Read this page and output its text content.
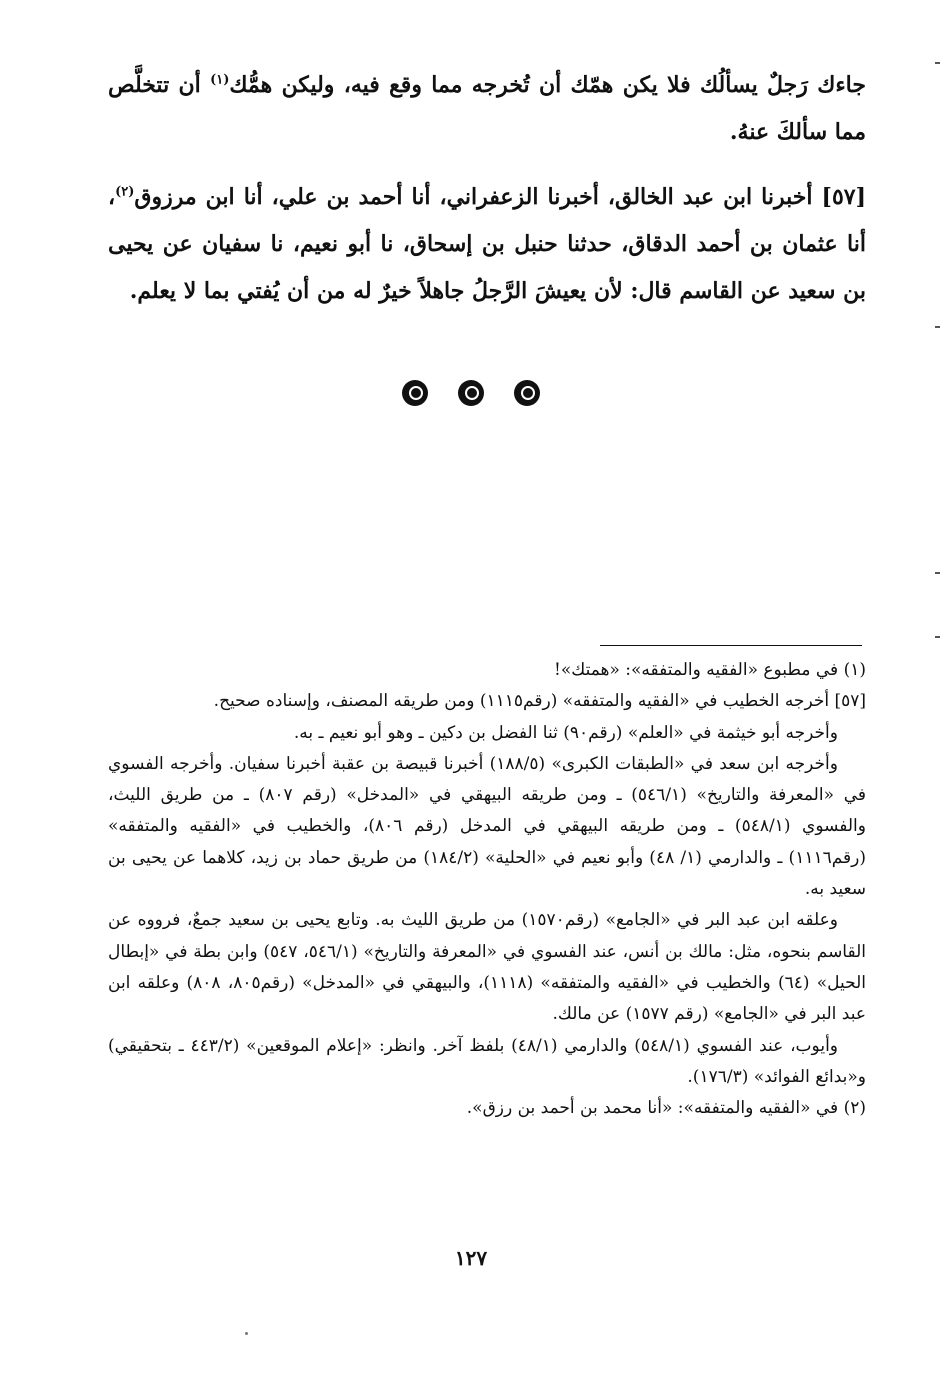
جاءك رَجلٌ يسألُك فلا يكن همّك أن تُخرجه مما وقع فيه، وليكن همُّك$^{(١)}$ أن تتخلَّص مما سألكَ عنهُ.

[٥٧] أخبرنا ابن عبد الخالق، أخبرنا الزعفراني، أنا أحمد بن علي، أنا ابن مرزوق$^{(٢)}$، أنا عثمان بن أحمد الدقاق، حدثنا حنبل بن إسحاق، نا أبو نعيم، نا سفيان عن يحيى بن سعيد عن القاسم قال: لأن يعيشَ الرَّجلُ جاهلاً خيرٌ له من أن يُفتي بما لا يعلم.

(١) في مطبوع «الفقيه والمتفقه»: «همتك»!

[٥٧] أخرجه الخطيب في «الفقيه والمتفقه» (رقم١١١٥) ومن طريقه المصنف، وإسناده صحيح.

وأخرجه أبو خيثمة في «العلم» (رقم٩٠) ثنا الفضل بن دكين ـ وهو أبو نعيم ـ به.

وأخرجه ابن سعد في «الطبقات الكبرى» (١٨٨/٥) أخبرنا قبيصة بن عقبة أخبرنا سفيان. وأخرجه الفسوي في «المعرفة والتاريخ» (٥٤٦/١) ـ ومن طريقه البيهقي في «المدخل» (رقم ٨٠٧) ـ من طريق الليث، والفسوي (٥٤٨/١) ـ ومن طريقه البيهقي في المدخل (رقم ٨٠٦)، والخطيب في «الفقيه والمتفقه» (رقم١١١٦) ـ والدارمي (١/ ٤٨) وأبو نعيم في «الحلية» (١٨٤/٢) من طريق حماد بن زيد، كلاهما عن يحيى بن سعيد به.

وعلقه ابن عبد البر في «الجامع» (رقم١٥٧٠) من طريق الليث به. وتابع يحيى بن سعيد جمعٌ، فرووه عن القاسم بنحوه، مثل: مالك بن أنس، عند الفسوي في «المعرفة والتاريخ» (٥٤٦/١، ٥٤٧) وابن بطة في «إبطال الحيل» (٦٤) والخطيب في «الفقيه والمتفقه» (١١١٨)، والبيهقي في «المدخل» (رقم٨٠٥، ٨٠٨) وعلقه ابن عبد البر في «الجامع» (رقم ١٥٧٧) عن مالك.

وأيوب، عند الفسوي (٥٤٨/١) والدارمي (٤٨/١) بلفظ آخر. وانظر: «إعلام الموقعين» (٤٤٣/٢ ـ بتحقيقي) و«بدائع الفوائد» (١٧٦/٣).

(٢) في «الفقيه والمتفقه»: «أنا محمد بن أحمد بن رزق».

١٢٧
